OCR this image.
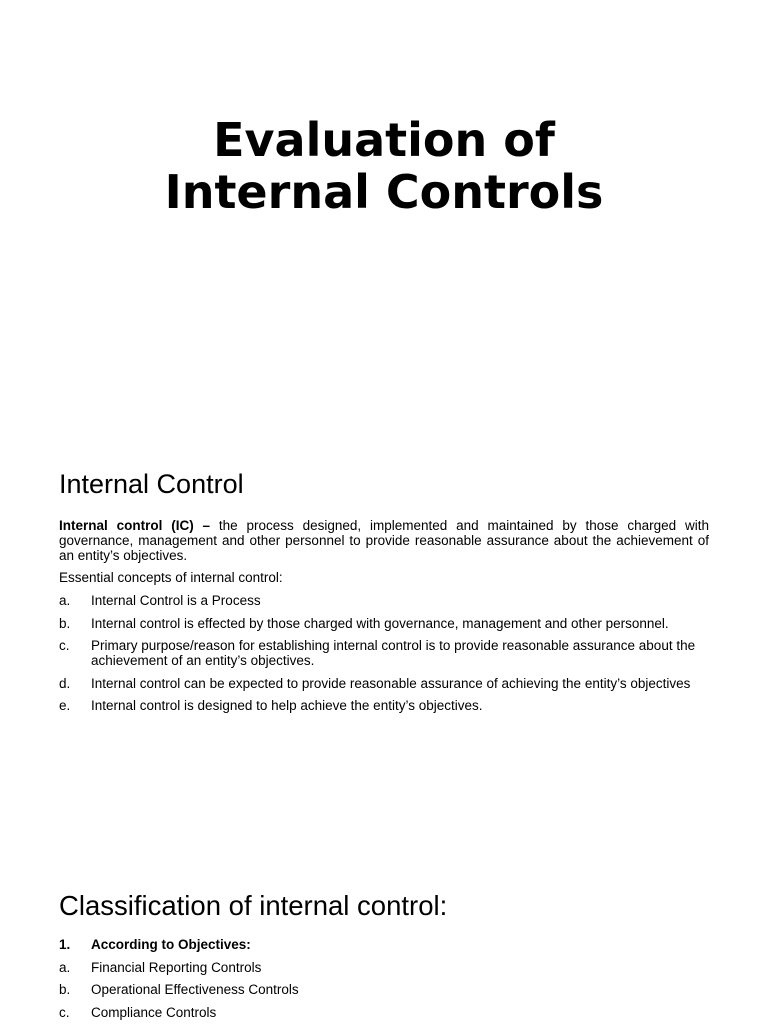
Evaluation of
Internal Controls
Internal Control

Internal control (IC) – the process designed, implemented and maintained by those charged with governance, management and other personnel to provide reasonable assurance about the achievement of an entity’s objectives.

Essential concepts of internal control:

a. Internal Control is a Process
b. Internal control is effected by those charged with governance, management and other personnel.
c. Primary purpose/reason for establishing internal control is to provide reasonable assurance about the achievement of an entity’s objectives.
d. Internal control can be expected to provide reasonable assurance of achieving the entity’s objectives
e. Internal control is designed to help achieve the entity’s objectives.
Classification of internal control:
1. According to Objectives:
a. Financial Reporting Controls
b. Operational Effectiveness Controls
c. Compliance Controls
